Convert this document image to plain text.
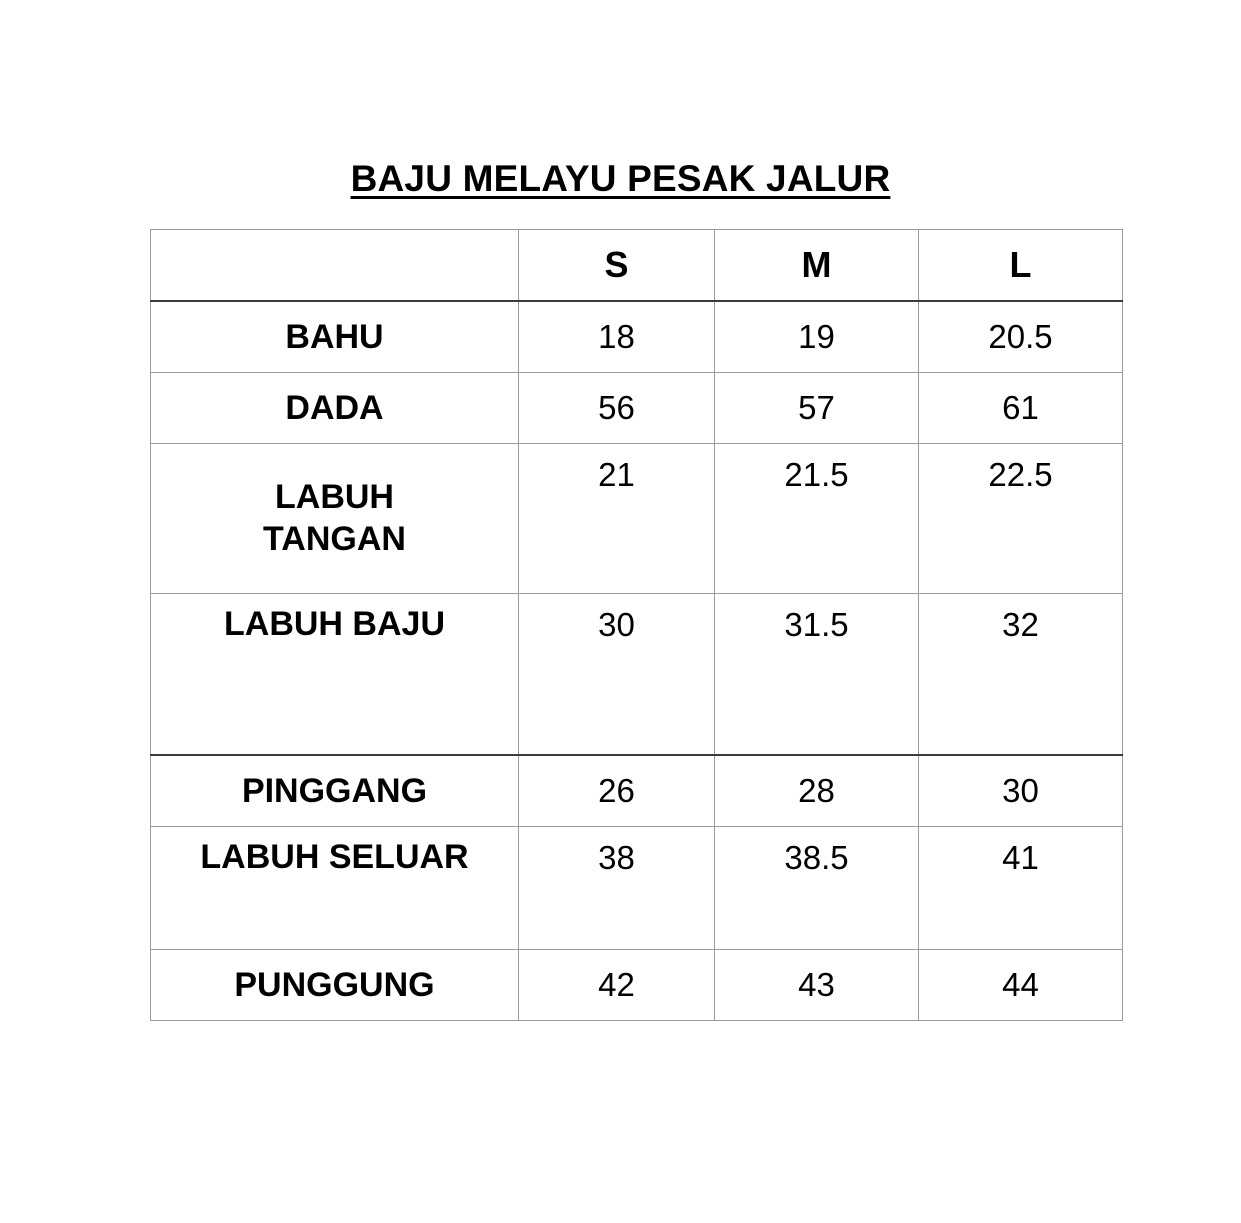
BAJU MELAYU PESAK JALUR
	S	M	L
BAHU	18	19	20.5
DADA	56	57	61

LABUH
TANGAN	21	21.5	22.5
LABUH BAJU	30	31.5	32
PINGGANG	26	28	30
LABUH SELUAR	38	38.5	41
PUNGGUNG	42	43	44
